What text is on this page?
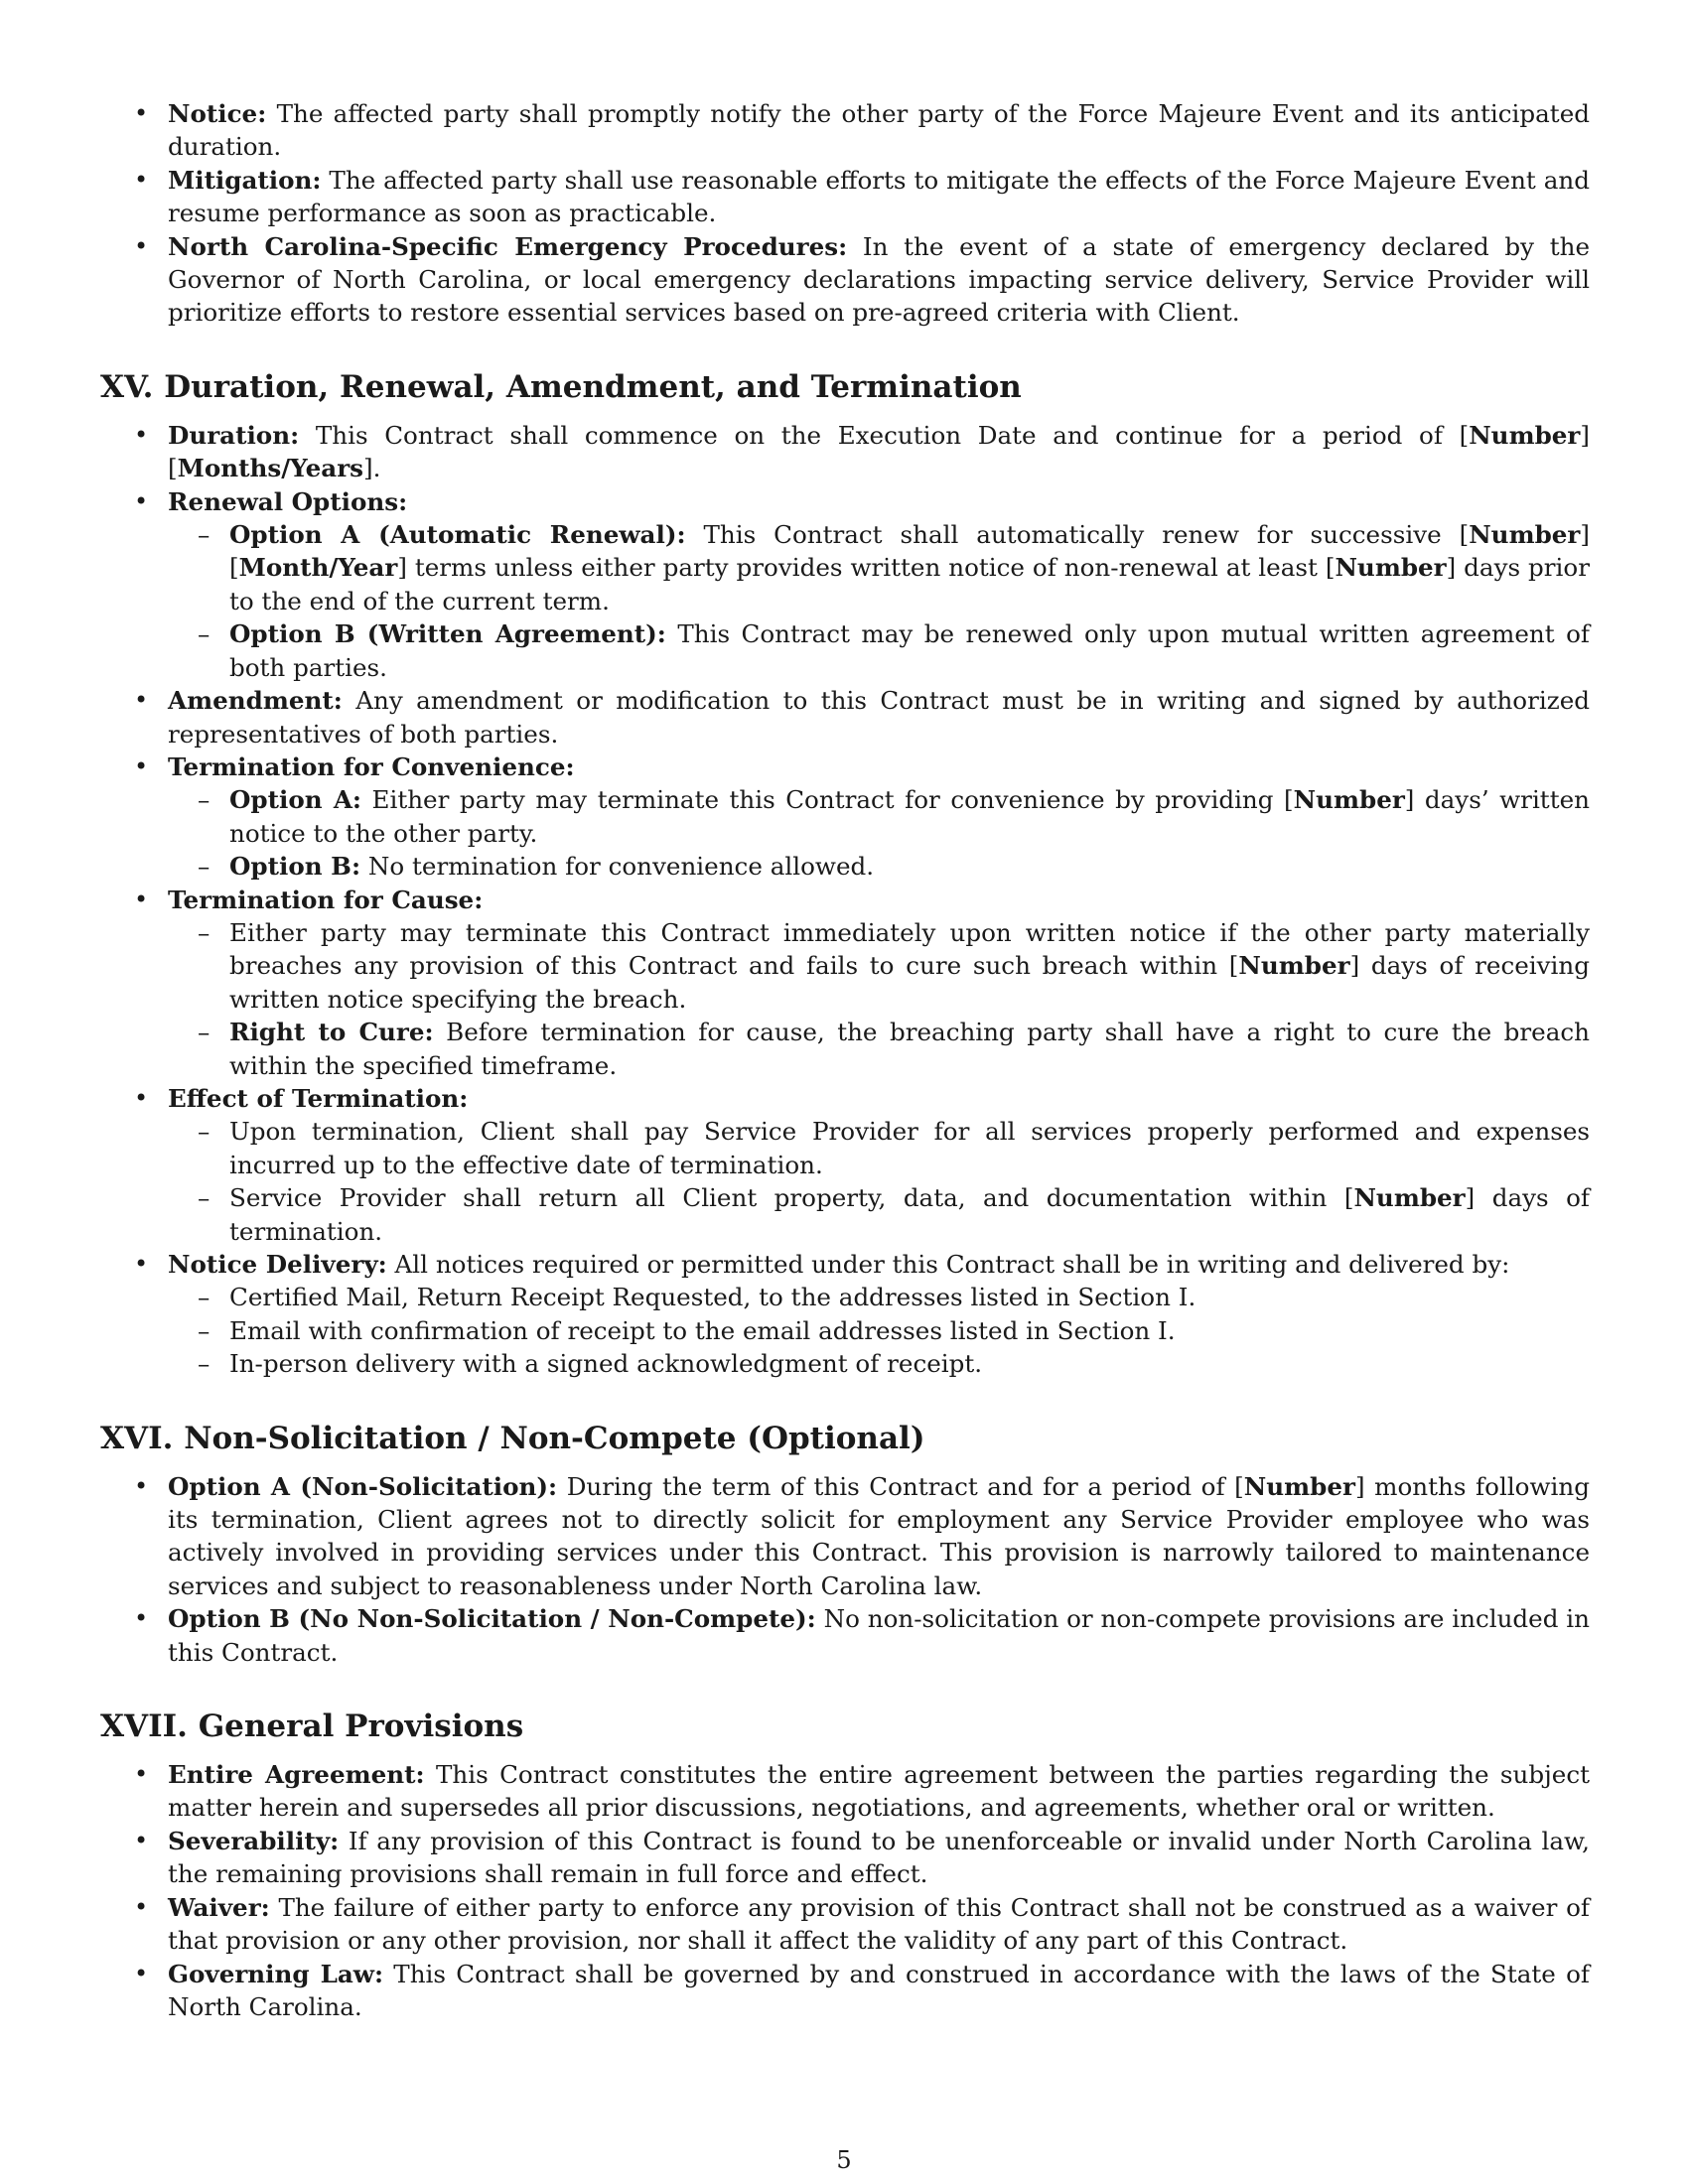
• Notice: The affected party shall promptly notify the other party of the Force Majeure Event and its anticipated duration.
• Mitigation: The affected party shall use reasonable efforts to mitigate the effects of the Force Majeure Event and resume performance as soon as practicable.
• North Carolina-Specific Emergency Procedures: In the event of a state of emergency declared by the Governor of North Carolina, or local emergency declarations impacting service delivery, Service Provider will prioritize efforts to restore essential services based on pre-agreed criteria with Client.
XV. Duration, Renewal, Amendment, and Termination
• Duration: This Contract shall commence on the Execution Date and continue for a period of [Number] [Months/Years].
• Renewal Options:
– Option A (Automatic Renewal): This Contract shall automatically renew for successive [Number] [Month/Year] terms unless either party provides written notice of non-renewal at least [Number] days prior to the end of the current term.
– Option B (Written Agreement): This Contract may be renewed only upon mutual written agreement of both parties.
• Amendment: Any amendment or modification to this Contract must be in writing and signed by authorized representatives of both parties.
• Termination for Convenience:
– Option A: Either party may terminate this Contract for convenience by providing [Number] days’ written notice to the other party.
– Option B: No termination for convenience allowed.
• Termination for Cause:
– Either party may terminate this Contract immediately upon written notice if the other party materially breaches any provision of this Contract and fails to cure such breach within [Number] days of receiving written notice specifying the breach.
– Right to Cure: Before termination for cause, the breaching party shall have a right to cure the breach within the specified timeframe.
• Effect of Termination:
– Upon termination, Client shall pay Service Provider for all services properly performed and expenses incurred up to the effective date of termination.
– Service Provider shall return all Client property, data, and documentation within [Number] days of termination.
• Notice Delivery: All notices required or permitted under this Contract shall be in writing and delivered by:
– Certified Mail, Return Receipt Requested, to the addresses listed in Section I.
– Email with confirmation of receipt to the email addresses listed in Section I.
– In-person delivery with a signed acknowledgment of receipt.
XVI. Non-Solicitation / Non-Compete (Optional)
• Option A (Non-Solicitation): During the term of this Contract and for a period of [Number] months following its termination, Client agrees not to directly solicit for employment any Service Provider employee who was actively involved in providing services under this Contract. This provision is narrowly tailored to maintenance services and subject to reasonableness under North Carolina law.
• Option B (No Non-Solicitation / Non-Compete): No non-solicitation or non-compete provisions are included in this Contract.
XVII. General Provisions
• Entire Agreement: This Contract constitutes the entire agreement between the parties regarding the subject matter herein and supersedes all prior discussions, negotiations, and agreements, whether oral or written.
• Severability: If any provision of this Contract is found to be unenforceable or invalid under North Carolina law, the remaining provisions shall remain in full force and effect.
• Waiver: The failure of either party to enforce any provision of this Contract shall not be construed as a waiver of that provision or any other provision, nor shall it affect the validity of any part of this Contract.
• Governing Law: This Contract shall be governed by and construed in accordance with the laws of the State of North Carolina.
5
